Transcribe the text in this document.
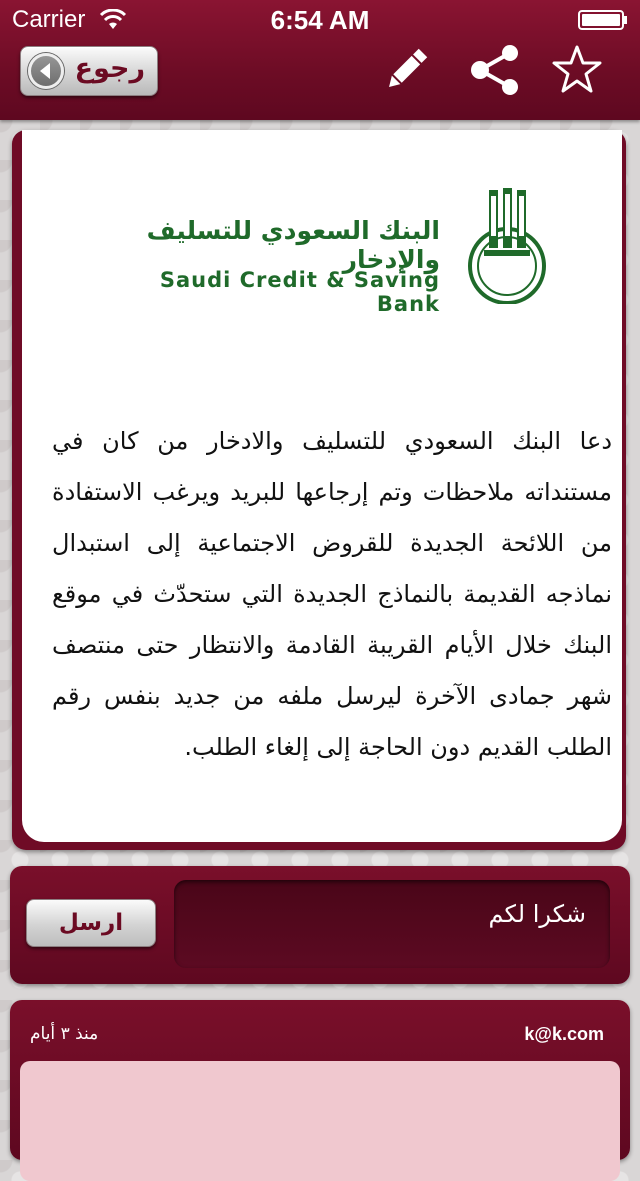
Carrier	6:54 AM
رجوع
البنك السعودي للتسليف والإدخار
Saudi Credit & Saving Bank
دعا البنك السعودي للتسليف والادخار من كان في مستنداته ملاحظات وتم إرجاعها للبريد ويرغب الاستفادة من اللائحة الجديدة للقروض الاجتماعية إلى استبدال نماذجه القديمة بالنماذج الجديدة التي ستحدّث في موقع البنك خلال الأيام القريبة القادمة والانتظار حتى منتصف شهر جمادى الآخرة ليرسل ملفه من جديد بنفس رقم الطلب القديم دون الحاجة إلى إلغاء الطلب.
ارسل	شكرا لكم
منذ ٣ أيام	k@k.com
